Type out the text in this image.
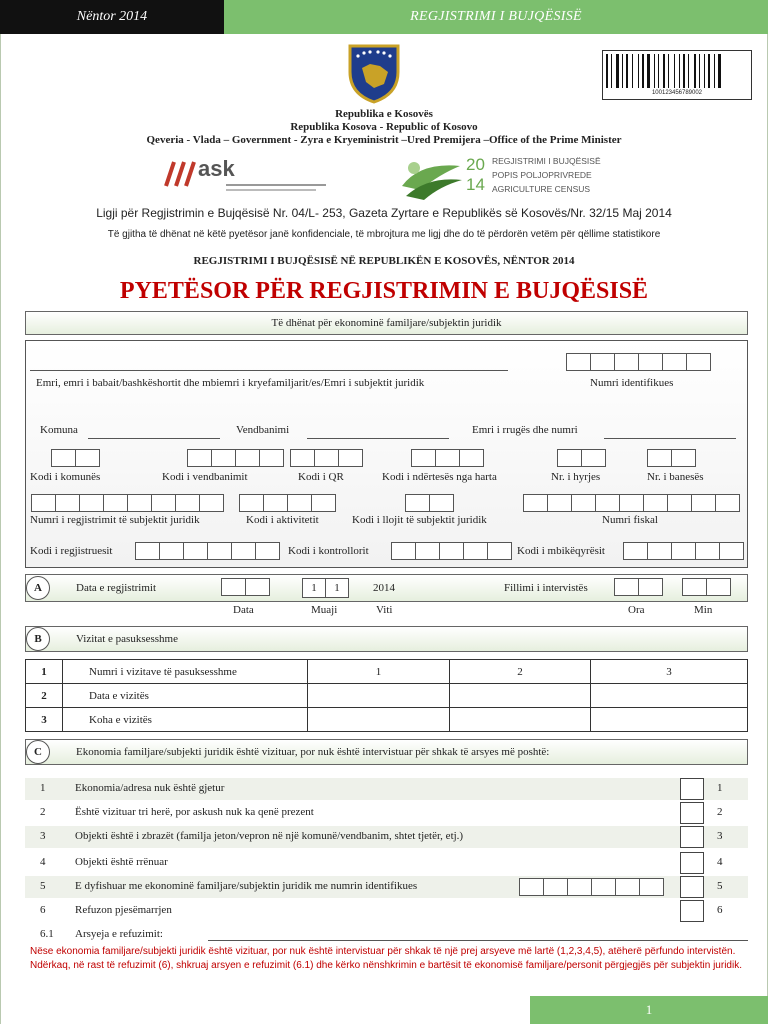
Nëntor 2014	REGJISTRIMI I BUJQËSISË
100123456789002
Republika e Kosovës
Republika Kosova - Republic of Kosovo
Qeveria - Vlada – Government - Zyra e Kryeministrit –Ured Premijera –Office of the Prime Minister
ask	20
14
REGJISTRIMI I BUJQËSISË
POPIS POLJOPRIVREDE
AGRICULTURE CENSUS
Ligji për Regjistrimin e Bujqësisë Nr. 04/L- 253, Gazeta Zyrtare e Republikës së Kosovës/Nr. 32/15 Maj 2014
Të gjitha të dhënat në këtë pyetësor janë konfidenciale, të mbrojtura me ligj dhe do të përdorën vetëm për qëllime statistikore
REGJISTRIMI I BUJQËSISË NË REPUBLIKËN E KOSOVËS, NËNTOR 2014
PYETËSOR PËR REGJISTRIMIN E BUJQËSISË
Të dhënat për ekonominë familjare/subjektin juridik
Emri, emri i babait/bashkëshortit dhe mbiemri i kryefamiljarit/es/Emri i subjektit juridik	Numri identifikues
Komuna	Vendbanimi	Emri i rrugës dhe numri
Kodi i komunës	Kodi i vendbanimit	Kodi i QR	Kodi i ndërtesës nga harta	Nr. i hyrjes	Nr. i banesës
Numri i regjistrimit të subjektit juridik	Kodi i aktivitetit	Kodi i llojit të subjektit juridik	Numri fiskal
Kodi i regjistruesit	Kodi i kontrollorit	Kodi i mbikëqyrësit
Data e regjistrimit	1	1	2014	Fillimi i intervistës
A
Data	Muaji	Viti	Ora	Min
Vizitat e pasuksesshme
B
1	Numri i vizitave të pasuksesshme	1	2	3
2	Data e vizitës			
3	Koha e vizitës			
Ekonomia familjare/subjekti juridik është vizituar, por nuk është intervistuar për shkak të arsyes më poshtë:
C
1	Ekonomia/adresa nuk është gjetur	1
2	Është vizituar tri herë, por askush nuk ka qenë prezent	2
3	Objekti është i zbrazët (familja jeton/vepron në një komunë/vendbanim, shtet tjetër, etj.)	3
4	Objekti është rrënuar	4
5	E dyfishuar me ekonominë familjare/subjektin juridik me numrin identifikues	5
6	Refuzon pjesëmarrjen	6
6.1 Arsyeja e refuzimit:
Nëse ekonomia familjare/subjekti juridik është vizituar, por nuk është intervistuar për shkak të një prej arsyeve më lartë (1,2,3,4,5), atëherë përfundo intervistën. Ndërkaq, në rast të refuzimit (6), shkruaj arsyen e refuzimit (6.1) dhe kërko nënshkrimin e bartësit të ekonomisë familjare/personit përgjegjës për subjektin juridik.
1
